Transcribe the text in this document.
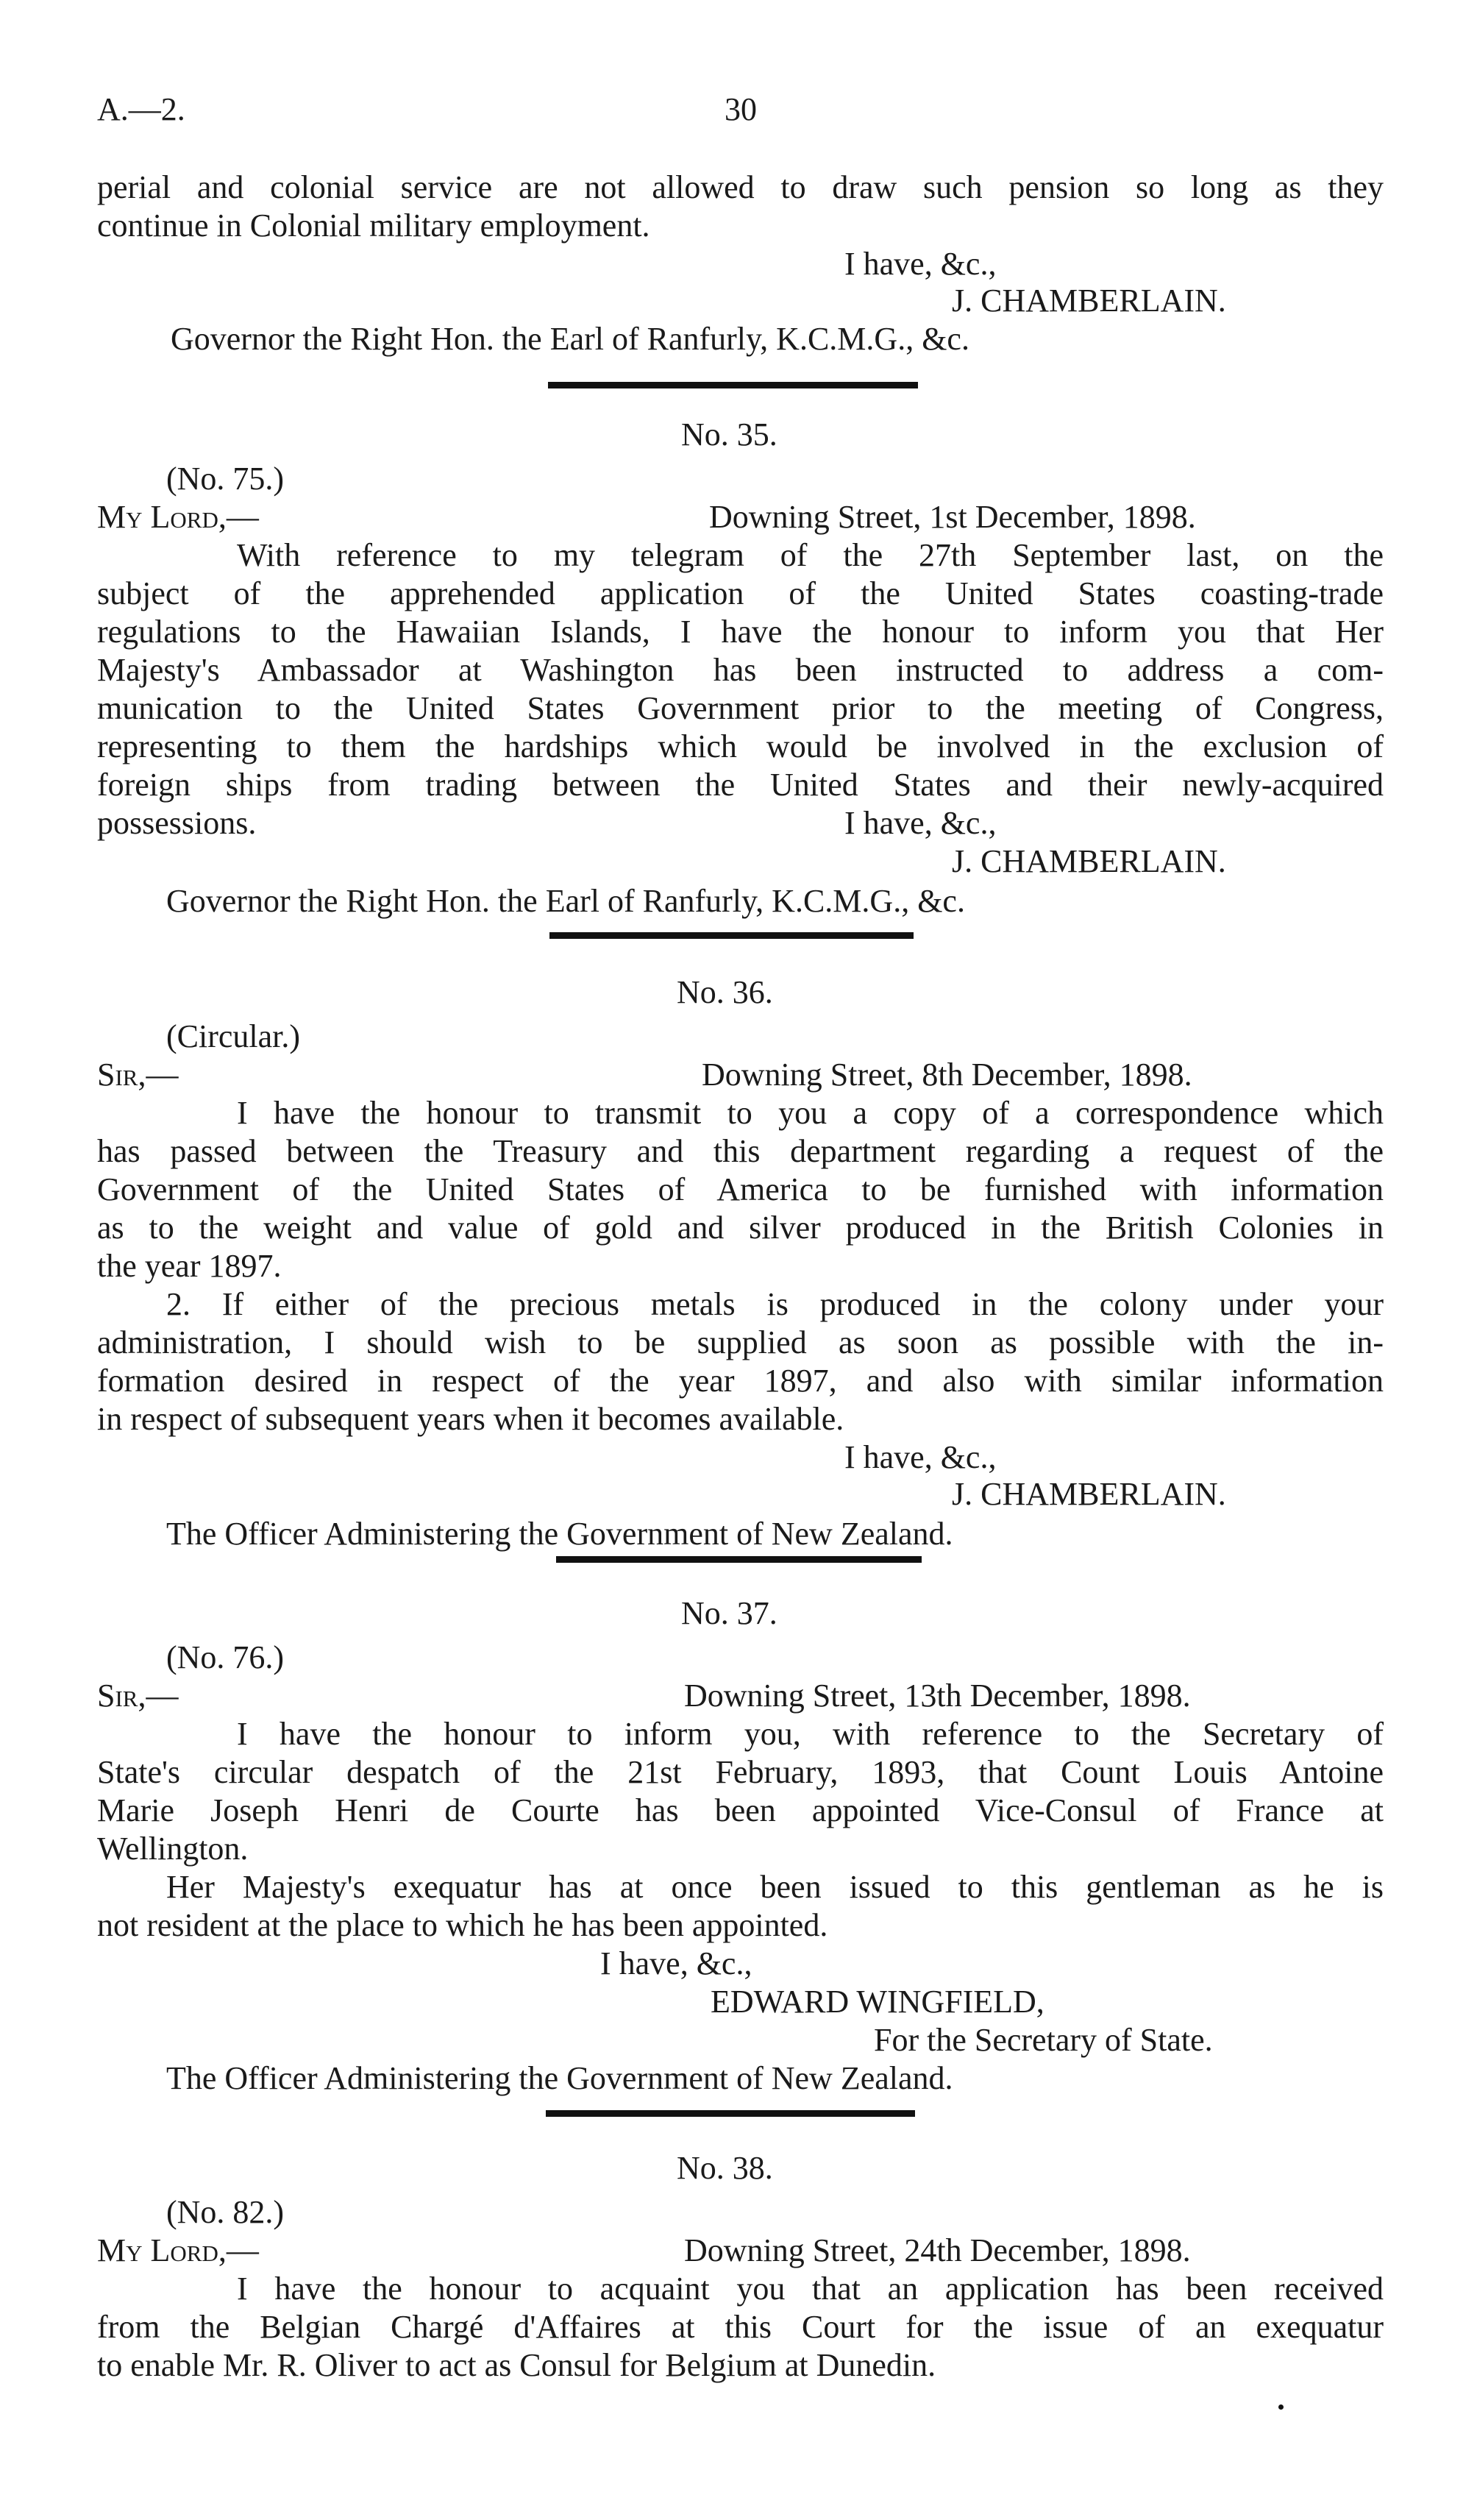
A.—2.	30
perial and colonial service are not allowed to draw such pension so long as they
continue in Colonial military employment.
I have, &c.,
J. CHAMBERLAIN.
Governor the Right Hon. the Earl of Ranfurly, K.C.M.G., &c.
No. 35.
(No. 75.)
My Lord,—	Downing Street, 1st December, 1898.
With reference to my telegram of the 27th September last, on the
subject of the apprehended application of the United States coasting-trade
regulations to the Hawaiian Islands, I have the honour to inform you that Her
Majesty's Ambassador at Washington has been instructed to address a com-
munication to the United States Government prior to the meeting of Congress,
representing to them the hardships which would be involved in the exclusion of
foreign ships from trading between the United States and their newly-acquired
possessions.	I have, &c.,
J. CHAMBERLAIN.
Governor the Right Hon. the Earl of Ranfurly, K.C.M.G., &c.
No. 36.
(Circular.)
Sir,—	Downing Street, 8th December, 1898.
I have the honour to transmit to you a copy of a correspondence which
has passed between the Treasury and this department regarding a request of the
Government of the United States of America to be furnished with information
as to the weight and value of gold and silver produced in the British Colonies in
the year 1897.
2. If either of the precious metals is produced in the colony under your
administration, I should wish to be supplied as soon as possible with the in-
formation desired in respect of the year 1897, and also with similar information
in respect of subsequent years when it becomes available.
I have, &c.,
J. CHAMBERLAIN.
The Officer Administering the Government of New Zealand.
No. 37.
(No. 76.)
Sir,—	Downing Street, 13th December, 1898.
I have the honour to inform you, with reference to the Secretary of
State's circular despatch of the 21st February, 1893, that Count Louis Antoine
Marie Joseph Henri de Courte has been appointed Vice-Consul of France at
Wellington.
Her Majesty's exequatur has at once been issued to this gentleman as he is
not resident at the place to which he has been appointed.
I have, &c.,
EDWARD WINGFIELD,
For the Secretary of State.
The Officer Administering the Government of New Zealand.
No. 38.
(No. 82.)
My Lord,—	Downing Street, 24th December, 1898.
I have the honour to acquaint you that an application has been received
from the Belgian Chargé d'Affaires at this Court for the issue of an exequatur
to enable Mr. R. Oliver to act as Consul for Belgium at Dunedin.
